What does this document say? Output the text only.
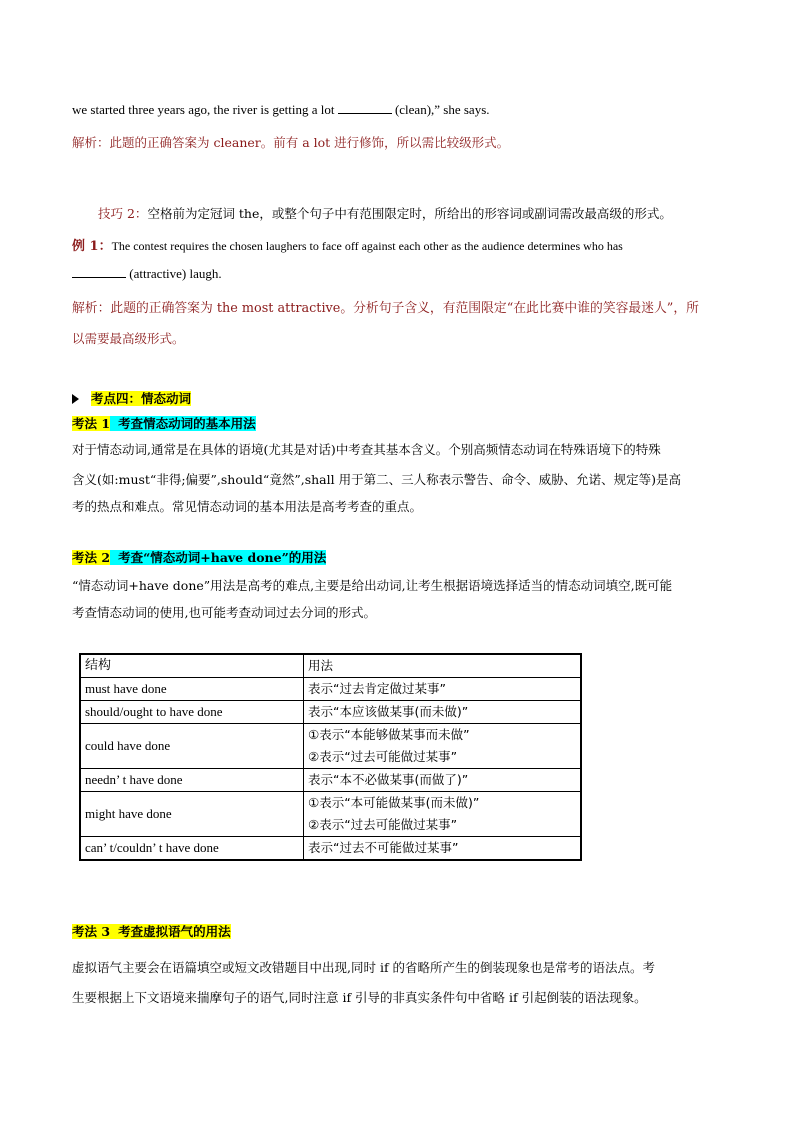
we started three years ago, the river is getting a lot	(clean),” she says.
解析：此题的正确答案为 cleaner。前有 a lot 进行修饰，所以需比较级形式。
技巧 2：空格前为定冠词 the，或整个句子中有范围限定时，所给出的形容词或副词需改最高级的形式。
例 1：The contest requires the chosen laughers to face off against each other as the audience determines who has
(attractive) laugh.
解析：此题的正确答案为 the most attractive。分析句子含义，有范围限定“在此比赛中谁的笑容最迷人”，所
以需要最高级形式。
考点四：情态动词
考法 1 考查情态动词的基本用法
对于情态动词,通常是在具体的语境(尤其是对话)中考查其基本含义。个别高频情态动词在特殊语境下的特殊
含义(如:must“非得;偏要”,should“竟然”,shall 用于第二、三人称表示警告、命令、威胁、允诺、规定等)是高
考的热点和难点。常见情态动词的基本用法是高考考查的重点。
考法 2 考查“情态动词+have done”的用法
“情态动词+have done”用法是高考的难点,主要是给出动词,让考生根据语境选择适当的情态动词填空,既可能
考查情态动词的使用,也可能考查动词过去分词的形式。
结构	用法
must have done	表示“过去肯定做过某事”
should/ought to have done	表示“本应该做某事(而未做)”
could have done	①表示“本能够做某事而未做”
②表示“过去可能做过某事”

needn’ t have done	表示“本不必做某事(而做了)”
might have done	①表示“本可能做某事(而未做)”
②表示“过去可能做过某事”

can’ t/couldn’ t have done	表示“过去不可能做过某事”
考法 3 考查虚拟语气的用法
虚拟语气主要会在语篇填空或短文改错题目中出现,同时 if 的省略所产生的倒装现象也是常考的语法点。考
生要根据上下文语境来揣摩句子的语气,同时注意 if 引导的非真实条件句中省略 if 引起倒装的语法现象。
